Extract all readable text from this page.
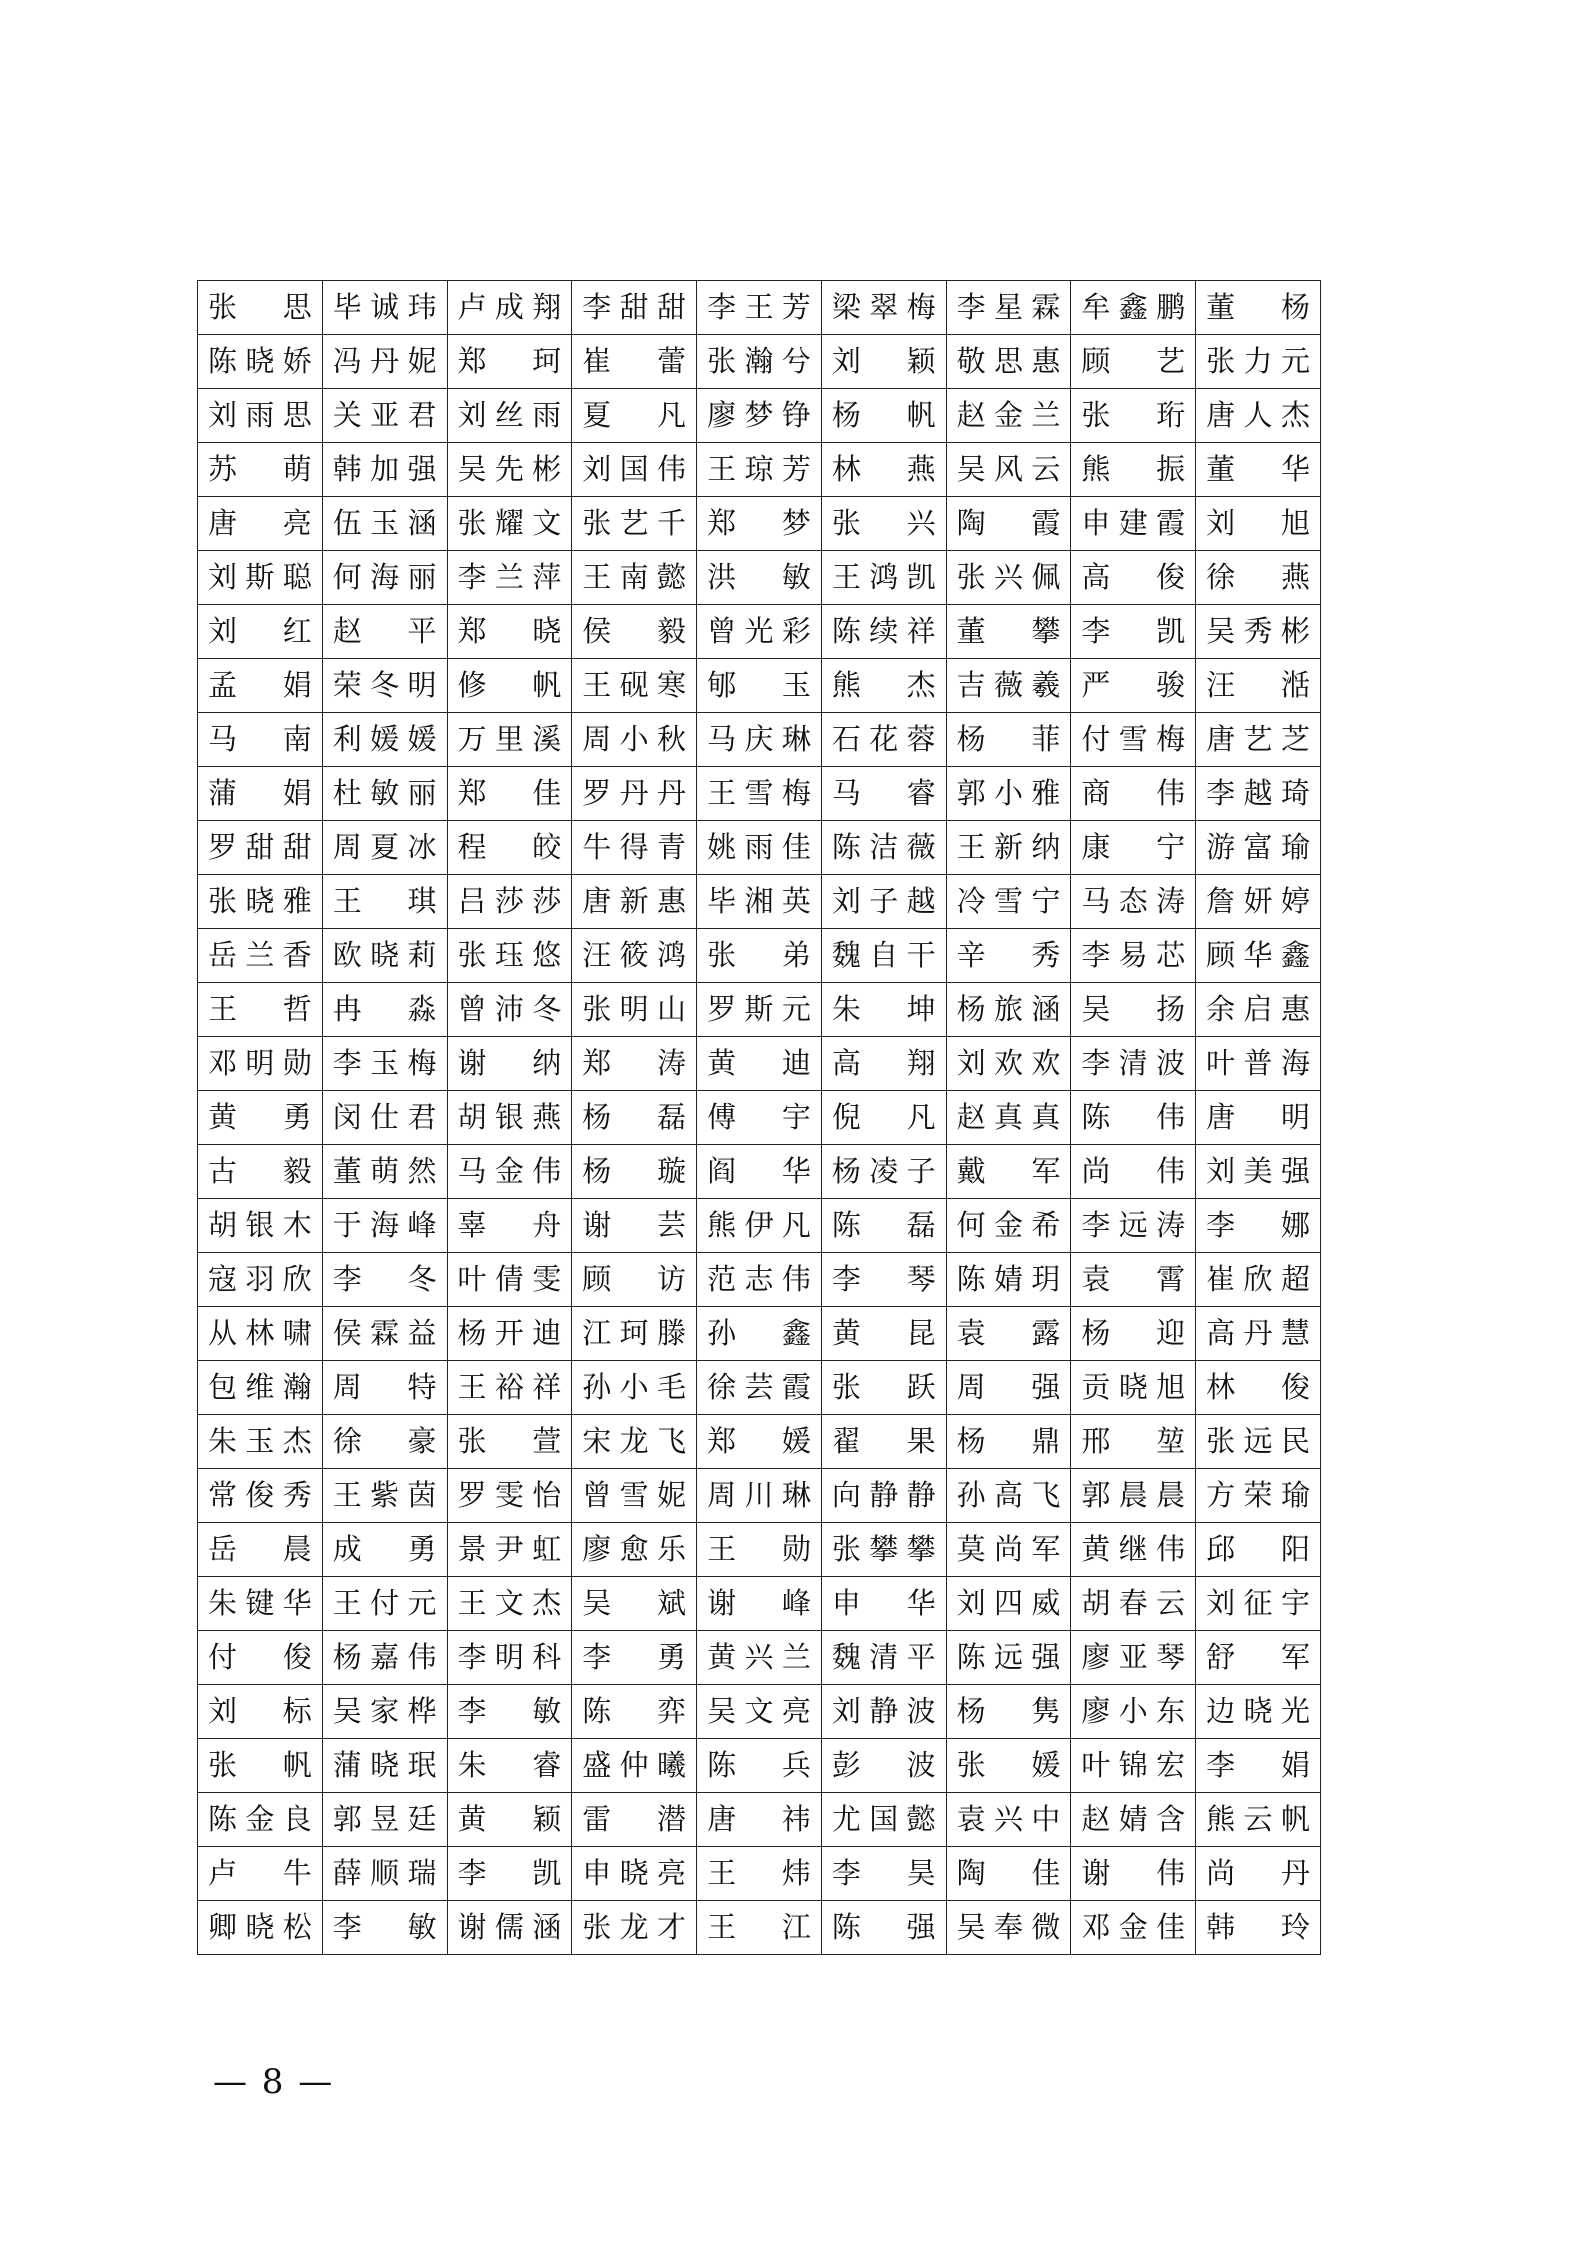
张　思	毕诚玮	卢成翔	李甜甜	李王芳	梁翠梅	李星霖	牟鑫鹏	董　杨

陈晓娇	冯丹妮	郑　珂	崔　蕾	张瀚兮	刘　颖	敬思惠	顾　艺	张力元

刘雨思	关亚君	刘丝雨	夏　凡	廖梦铮	杨　帆	赵金兰	张　珩	唐人杰

苏　萌	韩加强	吴先彬	刘国伟	王琼芳	林　燕	吴风云	熊　振	董　华

唐　亮	伍玉涵	张耀文	张艺千	郑　梦	张　兴	陶　霞	申建霞	刘　旭

刘斯聪	何海丽	李兰萍	王南懿	洪　敏	王鸿凯	张兴佩	高　俊	徐　燕

刘　红	赵　平	郑　晓	侯　毅	曾光彩	陈续祥	董　攀	李　凯	吴秀彬

孟　娟	荣冬明	修　帆	王砚寒	郇　玉	熊　杰	吉薇羲	严　骏	汪　湉

马　南	利媛媛	万里溪	周小秋	马庆琳	石花蓉	杨　菲	付雪梅	唐艺芝

蒲　娟	杜敏丽	郑　佳	罗丹丹	王雪梅	马　睿	郭小雅	商　伟	李越琦

罗甜甜	周夏冰	程　皎	牛得青	姚雨佳	陈洁薇	王新纳	康　宁	游富瑜

张晓雅	王　琪	吕莎莎	唐新惠	毕湘英	刘子越	冷雪宁	马态涛	詹妍婷

岳兰香	欧晓莉	张珏悠	汪筱鸿	张　弟	魏自干	辛　秀	李易芯	顾华鑫

王　哲	冉　淼	曾沛冬	张明山	罗斯元	朱　坤	杨旅涵	吴　扬	余启惠

邓明勋	李玉梅	谢　纳	郑　涛	黄　迪	高　翔	刘欢欢	李清波	叶普海

黄　勇	闵仕君	胡银燕	杨　磊	傅　宇	倪　凡	赵真真	陈　伟	唐　明

古　毅	董萌然	马金伟	杨　璇	阎　华	杨凌子	戴　军	尚　伟	刘美强

胡银木	于海峰	辜　舟	谢　芸	熊伊凡	陈　磊	何金希	李远涛	李　娜

寇羽欣	李　冬	叶倩雯	顾　访	范志伟	李　琴	陈婧玥	袁　霄	崔欣超

从林啸	侯霖益	杨开迪	江珂滕	孙　鑫	黄　昆	袁　露	杨　迎	高丹慧

包维瀚	周　特	王裕祥	孙小毛	徐芸霞	张　跃	周　强	贡晓旭	林　俊

朱玉杰	徐　豪	张　萱	宋龙飞	郑　媛	翟　果	杨　鼎	邢　堃	张远民

常俊秀	王紫茵	罗雯怡	曾雪妮	周川琳	向静静	孙高飞	郭晨晨	方荣瑜

岳　晨	成　勇	景尹虹	廖愈乐	王　勋	张攀攀	莫尚军	黄继伟	邱　阳

朱键华	王付元	王文杰	吴　斌	谢　峰	申　华	刘四威	胡春云	刘征宇

付　俊	杨嘉伟	李明科	李　勇	黄兴兰	魏清平	陈远强	廖亚琴	舒　军

刘　标	吴家桦	李　敏	陈　弈	吴文亮	刘静波	杨　隽	廖小东	边晓光

张　帆	蒲晓珉	朱　睿	盛仲曦	陈　兵	彭　波	张　媛	叶锦宏	李　娟

陈金良	郭昱廷	黄　颖	雷　潜	唐　祎	尤国懿	袁兴中	赵婧含	熊云帆

卢　牛	薛顺瑞	李　凯	申晓亮	王　炜	李　昊	陶　佳	谢　伟	尚　丹

卿晓松	李　敏	谢儒涵	张龙才	王　江	陈　强	吴奉微	邓金佳	韩　玲
— 8 —
